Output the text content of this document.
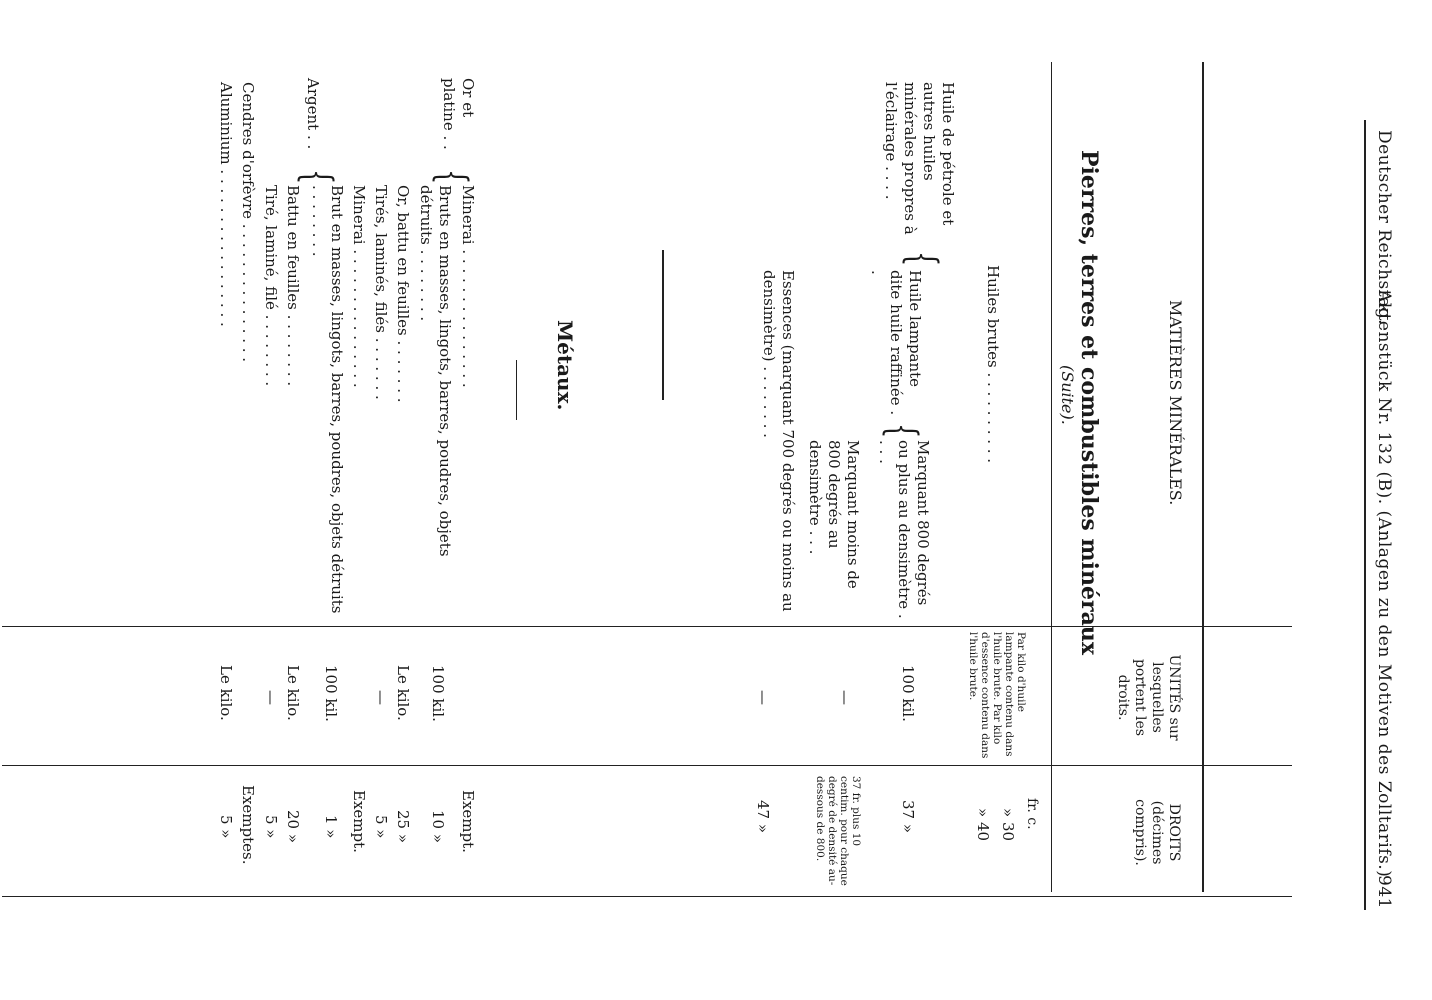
Deutscher Reichstag.
Aktenstück Nr. 132 (B). (Anlagen zu den Motiven des Zolltarifs.)
941
MATIÈRES MINÉRALES.
UNITÉS sur lesquelles portent les droits.
DROITS (décimes compris).
fr. c.
Pierres, terres et combustibles minéraux
(Suite).
Huiles brutes . . . . . . . . . .
Par kilo d'huile lampante contenu dans l'huile brute. Par kilo d'essence contenu dans l'huile brute.
» 30
» 40
Huile de pétrole et autres huiles minérales propres à l'éclairage . . . .
{
Huile lampante dite huile raffinée . .
{
Marquant 800 degrés ou plus au densimètre . . . .
100 kil.
37 »
Marquant moins de 800 degrés au densimètre . . .
—
37 fr. plus 10 centim. pour chaque degré de densité au-dessous de 800.
Essences (marquant 700 degrés ou moins au densimètre) . . . . . . . .
—
47 »
Métaux.
Or et platine . .
{
Minerai . . . . . . . . . . . . . . .
Exempt.
Bruts en masses, lingots, barres, poudres, objets détruits . . . . . . . .
100 kil.
10 »
Or, battu en feuilles . . . . . . .
Le kilo.
25 »
Tirés, laminés, filés . . . . . . .
—
5 »
Argent . .
{
Minerai . . . . . . . . . . . . . . .
Exempt.
Brut en masses, lingots, barres, poudres, objets détruits . . . . . . . .
100 kil.
1 »
Battu en feuilles . . . . . . . .
Le kilo.
20 »
Tiré, laminé, filé . . . . . . . .
—
5 »
Cendres d'orfèvre . . . . . . . . . . . . . . .
Exemptes.
Aluminium . . . . . . . . . . . . . . . . .
Le kilo.
5 »
